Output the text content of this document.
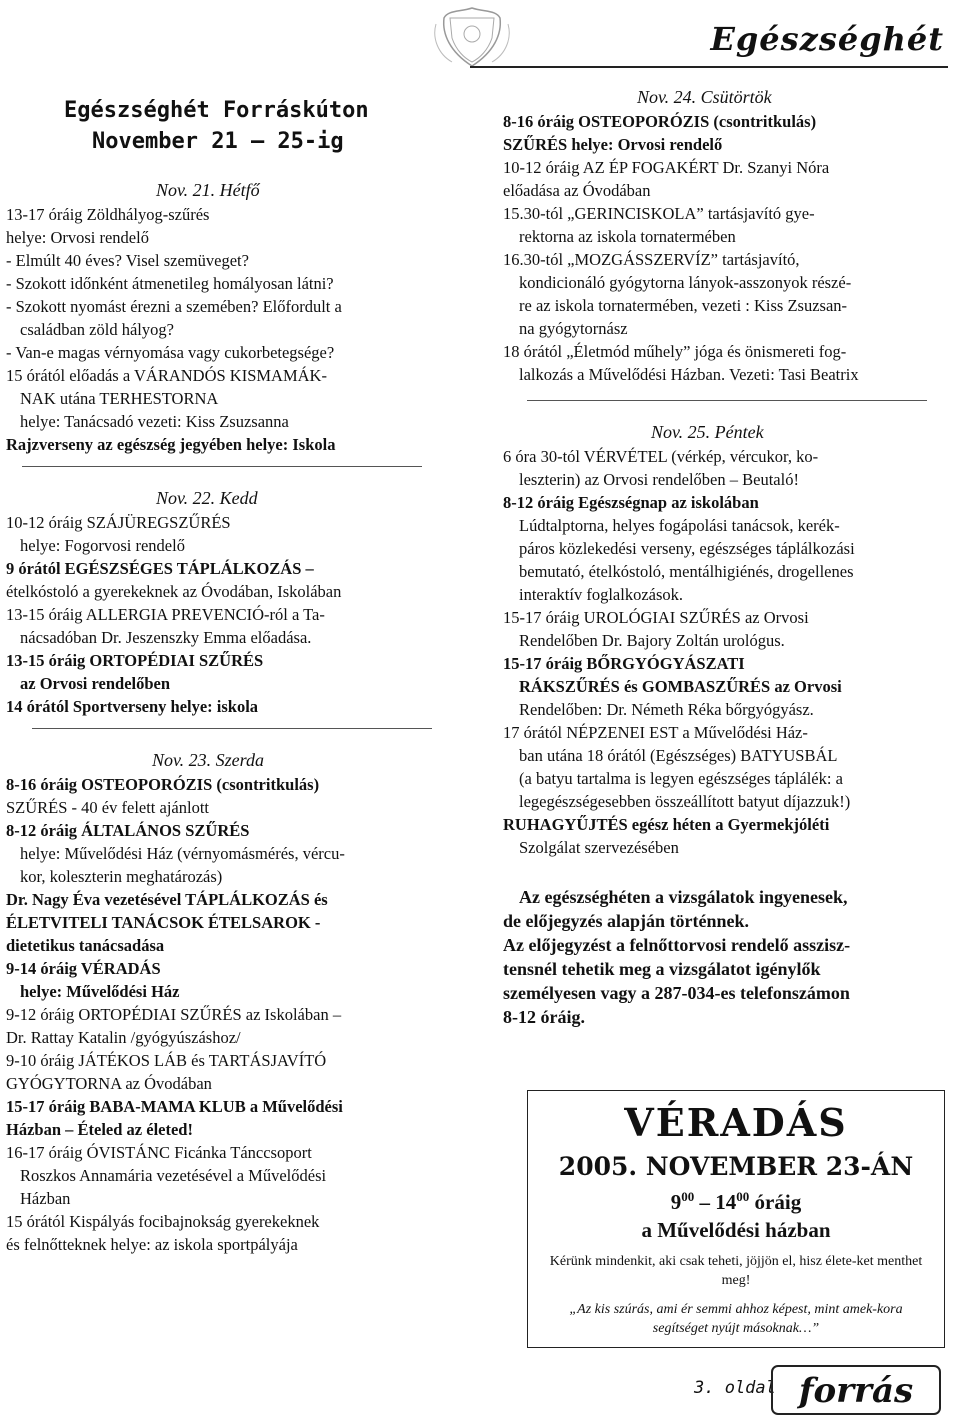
Egészséghét
Egészséghét Forráskúton
November 21 – 25-ig
Nov. 21. Hétfő
13-17 óráig Zöldhályog-szűrés
helye: Orvosi rendelő
- Elmúlt 40 éves? Visel szemüveget?
- Szokott időnként átmenetileg homályosan látni?
- Szokott nyomást érezni a szemében? Előfordult a
családban zöld hályog?
- Van-e magas vérnyomása vagy cukorbetegsége?
15 órától előadás a VÁRANDÓS KISMAMÁK-
NAK utána TERHESTORNA
helye: Tanácsadó vezeti: Kiss Zsuzsanna
Rajzverseny az egészség jegyében helye: Iskola
Nov. 22. Kedd
10-12 óráig SZÁJÜREGSZŰRÉS
helye: Fogorvosi rendelő
9 órától EGÉSZSÉGES TÁPLÁLKOZÁS –
ételkóstoló a gyerekeknek az Óvodában, Iskolában
13-15 óráig ALLERGIA PREVENCIÓ-ról a Ta-
nácsadóban Dr. Jeszenszky Emma előadása.
13-15 óráig ORTOPÉDIAI SZŰRÉS
az Orvosi rendelőben
14 órától Sportverseny helye: iskola
Nov. 23. Szerda
8-16 óráig OSTEOPORÓZIS (csontritkulás)
SZŰRÉS - 40 év felett ajánlott
8-12 óráig ÁLTALÁNOS SZŰRÉS
helye: Művelődési Ház (vérnyomásmérés, vércu-
kor, koleszterin meghatározás)
Dr. Nagy Éva vezetésével TÁPLÁLKOZÁS és
ÉLETVITELI TANÁCSOK ÉTELSAROK -
dietetikus tanácsadása
9-14 óráig VÉRADÁS
helye: Művelődési Ház
9-12 óráig ORTOPÉDIAI SZŰRÉS az Iskolában –
Dr. Rattay Katalin /gyógyúszáshoz/
9-10 óráig JÁTÉKOS LÁB és TARTÁSJAVÍTÓ
GYÓGYTORNA az Óvodában
15-17 óráig BABA-MAMA KLUB a Művelődési
Házban – Ételed az életed!
16-17 óráig ÓVISTÁNC Ficánka Tánccsoport
Roszkos Annamária vezetésével a Művelődési
Házban
15 órától Kispályás focibajnokság gyerekeknek
és felnőtteknek helye: az iskola sportpályája
Nov. 24. Csütörtök
8-16 óráig OSTEOPORÓZIS (csontritkulás)
SZŰRÉS helye: Orvosi rendelő
10-12 óráig AZ ÉP FOGAKÉRT Dr. Szanyi Nóra
előadása az Óvodában
15.30-tól „GERINCISKOLA” tartásjavító gye-
rektorna az iskola tornatermében
16.30-tól „MOZGÁSSZERVÍZ” tartásjavító,
kondicionáló gyógytorna lányok-asszonyok részé-
re az iskola tornatermében, vezeti : Kiss Zsuzsan-
na gyógytornász
18 órától „Életmód műhely” jóga és önismereti fog-
lalkozás a Művelődési Házban. Vezeti: Tasi Beatrix
Nov. 25. Péntek
6 óra 30-tól VÉRVÉTEL (vérkép, vércukor, ko-
leszterin) az Orvosi rendelőben – Beutaló!
8-12 óráig Egészségnap az iskolában
Lúdtalptorna, helyes fogápolási tanácsok, kerék-
páros közlekedési verseny, egészséges táplálkozási
bemutató, ételkóstoló, mentálhigiénés, drogellenes
interaktív foglalkozások.
15-17 óráig UROLÓGIAI SZŰRÉS az Orvosi
Rendelőben Dr. Bajory Zoltán urológus.
15-17 óráig BŐRGYÓGYÁSZATI
RÁKSZŰRÉS és GOMBASZŰRÉS az Orvosi
Rendelőben: Dr. Németh Réka bőrgyógyász.
17 órától NÉPZENEI EST a Művelődési Ház-
ban utána 18 órától (Egészséges) BATYUSBÁL
(a batyu tartalma is legyen egészséges táplálék: a
legegészségesebben összeállított batyut díjazzuk!)
RUHAGYŰJTÉS egész héten a Gyermekjóléti
Szolgálat szervezésében
Az egészséghéten a vizsgálatok ingyenesek,
de előjegyzés alapján történnek.
Az előjegyzést a felnőttorvosi rendelő asszisz-
tensnél tehetik meg a vizsgálatot igénylők
személyesen vagy a 287-034-es telefonszámon
8-12 óráig.
VÉRADÁS
2005. NOVEMBER 23-ÁN
$9^{00} - 14^{00}$ óráig
a Művelődési házban
Kérünk mindenkit, aki csak teheti, jöjjön el, hisz élete-ket menthet meg!
„Az kis szúrás, ami ér semmi ahhoz képest, mint amek-kora segítséget nyújt másoknak…”
3. oldal forrás
